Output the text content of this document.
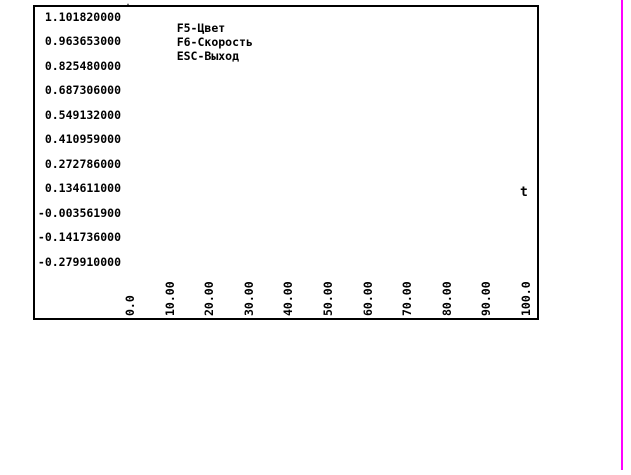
F5-Цвет
F6-Скорость
ESC-Выход

1.101820000
0.963653000
0.825480000
0.687306000
0.549132000
0.410959000
0.272786000
0.134611000
-0.003561900
-0.141736000
-0.279910000
0.0 10.00 20.00 30.00 40.00 50.00 60.00 70.00 80.00 90.00 100.0
t
